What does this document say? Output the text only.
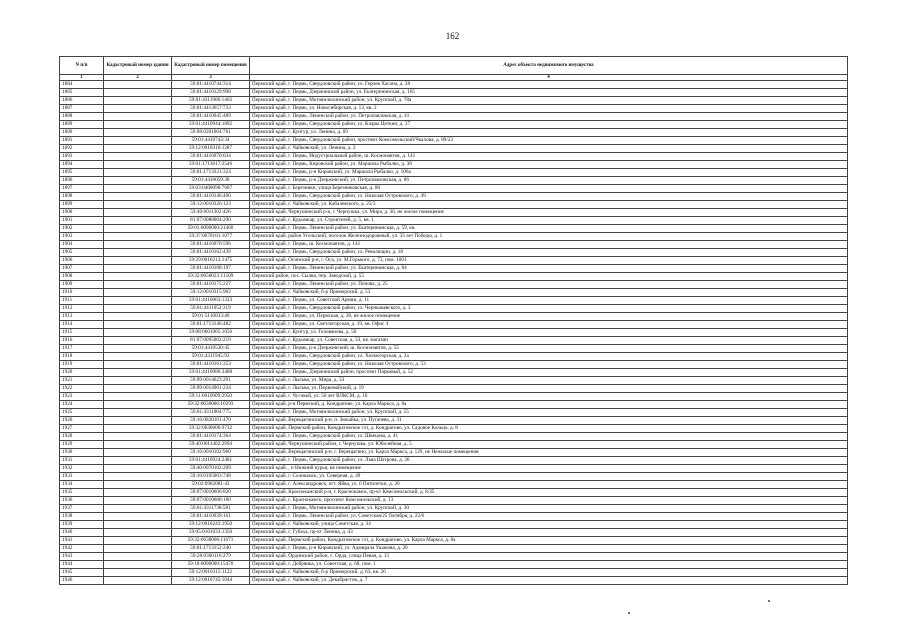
162
N п/п	Кадастровый номер здания	Кадастровый номер помещения	Адрес объекта недвижимого имущества
1	2	3	4
1884		59:01:4410744:314	Пермский край, г. Пермь, Свердловский район, ул. Героев Хасана, д. 28
1885		59:01:4410129:998	Пермский край, г. Пермь, Дзержинский район, ул. Екатерининская, д. 165
1886		59:01:4311906:1463	Пермский край, г. Пермь, Мотовилихинский район, ул. Крупской, д. 78а
1887		59:01:4413657:733	Пермский край, г. Пермь, ул. Новосибирская, д. 13, кв. 2
1888		59:01:4410045:489	Пермский край, г. Пермь, Ленинский район, ул. Петропавловская, д. 41
1889		59:01:4410944:1892	Пермский край, г. Пермь, Свердловский район, ул. Клары Цеткин, д. 27
1890		59:08:0201004:761	Пермский край, г. Кунгур, ул. Ленина, д. 69
1891		59:01:4410743:34	Пермский край, г. Пермь, Свердловский район, проспект Комсомольский/Чкалова, д. 89/23
1892		59:12:0010316:1287	Пермский край, г. Чайковский, ул. Ленина, д. 2
1893		59:01:4416070:634	Пермский край, г. Пермь, Индустриальный район, ш. Космонавтов, д. 141
1894		59:01:1713017:2546	Пермский край, г. Пермь, Кировский район, ул. Маршала Рыбалко, д. 38
1895		59:01:1713331:324	Пермский край, г. Пермь, р-н Кировский, ул. Маршала Рыбалко, д. 106а
1896		59:01:4410059:38	Пермский край, г. Пермь, р-н Дзержинский, ул. Петропавловская, д. 86
1897		59:03:0400090:7607	Пермский край, г. Березники, улица Березниковская, д. 68
1898		59:01:4410146:400	Пермский край, г. Пермь, Свердловский район, ул. Николая Островского, д. 49
1899		59:12:0010326:123	Пермский край, г. Чайковский, ул. Кабалевского, д. 25/3
1900		59:40:0011302:426	Пермский край, Чернушинский р-н, г. Чернушка, ул. Мира, д. 36, не жилое помещение
1901		81:07:0088004:290	Пермский край, г. Кудымкар, ул. Строителей, д. 5, кв. 1
1902		59:01:0000000:21460	Пермский край, г. Пермь, Ленинский район, ул. Екатерининская, д. 59, кв.
1903		59:37:0670101:1077	Пермский край, район Усольский, поселок Железнодорожный, ул. 33 лет Победы, д. 1
1904		59:01:4416070:596	Пермский край, г. Пермь, ш. Космонавтов, д. 141
1905		59:01:4410162:439	Пермский край, г. Пермь, Свердловский район, ул. Революции, д. 18
1906		59:29:0010213:1475	Пермский край, Осинский р-н, г. Оса, ул. М.Горького, д. 73, пом. 1001
1907		59:01:4410108:197	Пермский край, г. Пермь, Ленинский район, ул. Екатерининская, д. 84
1908		59:32:0050023:11509	Пермский район, пос. Сылва, пер. Заводской, д. 55
1909		59:01:4410175:227	Пермский край, г. Пермь, Ленинский район, ул. Попова, д. 25
1910		59:12:0010315:902	Пермский край, г. Чайковский, б-р Приморский, д. 53
1911		59:01:4416063:1323	Пермский край, г. Пермь, ул. Советской Армии, д. 11
1912		59:01:4411052:319	Пермский край, г. Пермь, Свердловский район, ул. Чернышевского, д. 3
1913		59:01:5110033:40	Пермский край, г. Пермь, ул. Пермская, д. 30, не жилое помещение
1914		59:01:1713146:482	Пермский край, г. Пермь, ул. Светлогорская, д. 19, кв. Офис 4
1915		59:08:0601005:1056	Пермский край, г. Кунгур, ул. Голованова, д. 50
1916		81:07:0095002:219	Пермский край, г. Кудымкар, ул. Советская, д. 33, кв. магазин
1917		59:01:4410530:45	Пермский край, г. Пермь, р-н Дзержинский, ш. Космонавтов, д. 55
1918		59:01:4311945:92	Пермский край, г. Пермь, Свердловский район, ул. Холмогорская, д. 2а
1919		59:01:4410161:353	Пермский край, г. Пермь, Свердловский район, ул. Николая Островского, д. 53
1920		59:01:4410986:3408	Пермский край, г. Пермь, Дзержинский район, проспект Парковый, д. 52
1921		59:09:0014623:291	Пермский край, г. Лысьва, ул. Мира, д. 33
1922		59:09:0014901:234	Пермский край, г. Лысьва, ул. Первомайской, д. 19
1923		59:11:0010909:2950	Пермский край, г. Чусовой, ул. 50 лет ВЛКСМ, д. 10
1924		59:32:0630006:10293	Пермский край, р-н Пермский, д. Кондратово, ул. Карла Маркса, д. 8а
1925		59:01:4311004:775	Пермский край, г. Пермь, Мотовилихинский район, ул. Крупской, д. 55
1926		59:16:0820101:470	Пермский край, Верещагинский р-н, п. Зюкайка, ул. Пугачева, д. 31
1927		59:32:0630006:9732	Пермский край, Пермский район, Кондратовское с/п, д. Кондратово, ул. Садовое Кольцо, д. 8
1928		59:01:4410174:364	Пермский край, г. Пермь, Свердловский район, ул. Швецова, д. 41
1929		59:40:0011402:2994	Пермский край, Чернушинский район, г. Чернушка, ул. Юбилейная, д. 5
1930		59:16:0010102:960	Пермский край, Верещагинский р-н, г. Верещагино, ул. Карла Маркса, д. 129, не Нежилые помещения
1931		59:01:4410924:2481	Пермский край, г. Пермь, Свердловский район, ул. Льва Шатрова, д. 26
1932		59:40:0070102:209	Пермский край, , п Нижний курья, кв помещение
1933		59:10:0105003:748	Пермский край, г. Соликамск, ул. Северная, д. 49
1934		59:02:0902081:43	Пермский край, г. Александровск, пгт. Яйва, ул. 6 Пятилетки, д. 20
1935		59:07:0010606:820	Пермский край, Краснокамский р-н, г. Краснокамск, пр-кт Комсомольский, д. 8/35
1936		59:07:0010608:180	Пермский край, г. Краснокамск, проспект Комсомольский, д. 13
1937		59:01:4311738:581	Пермский край, г. Пермь, Мотовилихинский район, ул. Крупской, д. 30
1938		59:01:4410039:161	Пермский край, г. Пермь, Ленинский район, ул. Советская/25 Октября, д. 22/6
1939		59:12:0010243:1950	Пермский край, г. Чайковский, улица Советская, д. 34
1940		59:05:0101033:1350	Пермский край, г. Губаха, пр-кт Ленина, д. 43
1941		59:32:0630006:11671	Пермский край, Пермский район, Кондратовское с/п, д. Кондратово, ул. Карла Маркса, д. 8а
1942		59:01:1713152:240	Пермский край, г. Пермь, р-н Кировский, ул. Адмирала Ушакова, д. 20
1943		59:28:0360116:279	Пермский край, Ординский район, с. Орда, улица Певая, д. 13
1944		59:18:0000000:15470	Пермский край, г. Добрянка, ул. Советская, д. 68, пом. 1
1945		59:12:0010315:1122	Пермский край, г. Чайковский, б-р Приморский, д. 63, кв. 26
1946		59:12:0010745:1044	Пермский край, г. Чайковский, ул. Декабристов, д. 7
